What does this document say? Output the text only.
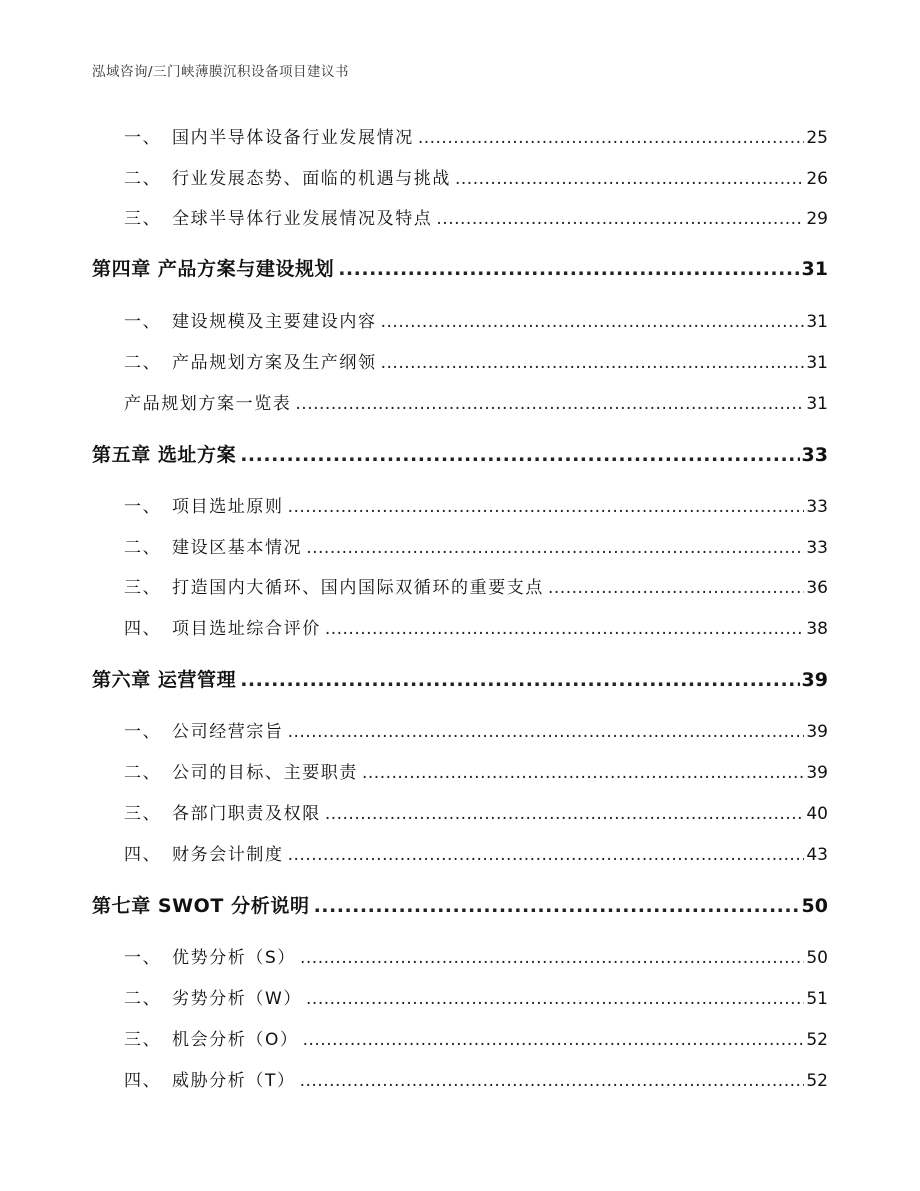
泓域咨询/三门峡薄膜沉积设备项目建议书
一、 国内半导体设备行业发展情况 .....	25
二、 行业发展态势、面临的机遇与挑战 .....	26
三、 全球半导体行业发展情况及特点 .....	29
第四章 产品方案与建设规划 .....	31
一、 建设规模及主要建设内容 .....	31
二、 产品规划方案及生产纲领 .....	31
产品规划方案一览表 .....	31
第五章 选址方案 .....	33
一、 项目选址原则 .....	33
二、 建设区基本情况 .....	33
三、 打造国内大循环、国内国际双循环的重要支点 .....	36
四、 项目选址综合评价 .....	38
第六章 运营管理 .....	39
一、 公司经营宗旨 .....	39
二、 公司的目标、主要职责 .....	39
三、 各部门职责及权限 .....	40
四、 财务会计制度 .....	43
第七章 SWOT 分析说明 .....	50
一、 优势分析（S） .....	50
二、 劣势分析（W） .....	51
三、 机会分析（O） .....	52
四、 威胁分析（T） .....	52
